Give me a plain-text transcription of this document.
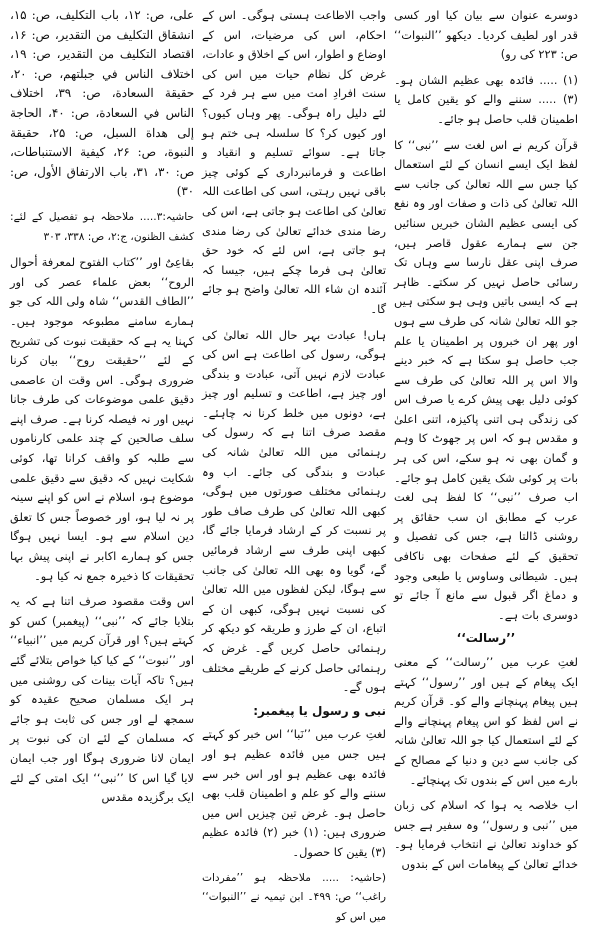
علی، ص: ۱۲، باب التكليف، ص: ۱۵، انشقاق التكليف من التقدير، ص: ۱۶، اقتصاد التكليف من التقدير، ص: ۱۹، اختلاف الناس في جبلتهم، ص: ۲۰، حقيقة السعادة، ص: ۳۹، اختلاف الناس في السعادة، ص: ۴۰، الحاجة إلى هداة السبل، ص: ۲۵، حقيقة النبوة، ص: ۲۶، كيفية الاستنباطات، ص: ۳۰، ۳۱، باب الارتفاق الأول، ص: ۳۰)

حاشیہ:۳..... ملاحظہ ہو تفصیل کے لئے: کشف الظنون، ج:۲، ص: ۳۳۸، ۳۰۳

بقاعِیٌ اور ’’كتاب الفتوح لمعرفة أحوال الروح‘‘ بعض علماء عصر کی اور ’’الطاف القدس‘‘ شاہ ولی اللہ کی جو ہمارے سامنے مطبوعہ موجود ہیں۔ کہنا یہ ہے کہ حقیقت نبوت کی تشریح کے لئے ’’حقیقت روح‘‘ بیان کرنا ضروری ہوگی۔ اس وقت ان عاصمی دقیق علمی موضوعات کی طرف جانا نہیں اور نہ فیصلہ کرنا ہے۔ صرف اپنے سلف صالحین کے چند علمی کارناموں سے طلبہ کو واقف کرانا تھا، کوئی شکایت نہیں کہ دقیق سے دقیق علمی موضوع ہو، اسلام نے اس کو اپنے سینہ پر نہ لیا ہو، اور خصوصاً جس کا تعلق دین اسلام سے ہو۔ ایسا نہیں ہوگا جس کو ہمارے اکابر نے اپنی پیش بہا تحقیقات کا ذخیرہ جمع نہ کیا ہو۔

اس وقت مقصود صرف اتنا ہے کہ یہ بتلایا جائے کہ ’’نبی‘‘ (پیغمبر) کس کو کہتے ہیں؟ اور قرآن کریم میں ’’انبیاء‘‘ اور ’’نبوت‘‘ کے کیا کیا خواص بتلائے گئے ہیں؟ تاکہ آیات بینات کی روشنی میں ہر ایک مسلمان صحیح عقیدہ کو سمجھ لے اور جس کی ثابت ہو جائے کہ مسلمان کے لئے ان کی نبوت پر ایمان لانا ضروری ہوگا اور جب ایمان لایا گیا اس کا ’’نبی‘‘ ایک امتی کے لئے ایک برگزیدہ مقدس

واجب الاطاعت ہستی ہوگی۔ اس کے احکام، اس کی مرضیات، اس کے اوضاع و اطوار، اس کے اخلاق و عادات، غرض کل نظام حیات میں اس کی سنت افرادِ امت میں سے ہر فرد کے لئے دلیل راہ ہوگی۔ پھر وہاں کیوں؟ اور کیوں کر؟ کا سلسلہ ہی ختم ہو جاتا ہے۔ سوائے تسلیم و انقیاد و اطاعت و فرمانبرداری کے کوئی چیز باقی نہیں رہتی، اسی کی اطاعت اللہ تعالیٰ کی اطاعت ہو جاتی ہے، اس کی رضا مندی خدائے تعالیٰ کی رضا مندی ہو جاتی ہے، اس لئے کہ خود حق تعالیٰ ہی فرما چکے ہیں، جیسا کہ آئندہ ان شاء اللہ تعالیٰ واضح ہو جائے گا۔

ہاں! عبادت بہر حال اللہ تعالیٰ کی ہوگی، رسول کی اطاعت ہے اس کی عبادت لازم نہیں آتی، عبادت و بندگی اور چیز ہے، اطاعت و تسلیم اور چیز ہے، دونوں میں خلط کرنا نہ چاہئے۔ مقصد صرف اتنا ہے کہ رسول کی رہنمائی میں اللہ تعالیٰ شانہ کی عبادت و بندگی کی جائے۔ اب وہ رہنمائی مختلف صورتوں میں ہوگی، کبھی اللہ تعالیٰ کی طرف صاف طور پر نسبت کر کے ارشاد فرمایا جائے گا، کبھی اپنی طرف سے ارشاد فرمائیں گے، گویا وہ بھی اللہ تعالیٰ کی جانب سے ہوگا، لیکن لفظوں میں اللہ تعالیٰ کی نسبت نہیں ہوگی، کبھی ان کے اتباع، ان کے طرز و طریقہ کو دیکھ کر رہنمائی حاصل کریں گے۔ غرض کہ رہنمائی حاصل کرنے کے طریقے مختلف ہوں گے۔

نبی و رسول یا پیغمبر:

لغتِ عرب میں ’’نَبا‘‘ اس خبر کو کہتے ہیں جس میں فائدہ عظیم ہو اور فائدہ بھی عظیم ہو اور اس خبر سے سننے والے کو علم و اطمینان قلب بھی حاصل ہو۔ غرض تین چیزیں اس میں ضروری ہیں: (۱) خبر (۲) فائدہ عظیم (۳) یقین کا حصول۔

(حاشیہ: ..... ملاحظہ ہو ’’مفردات راغب‘‘ ص: ۴۹۹۔ ابن تیمیہ نے ’’النبوات‘‘ میں اس کو

دوسرے عنوان سے بیان کیا اور کسی قدر اور لطیف کردیا۔ دیکھو ’’النبوات‘‘ ص: ۲۲۳ کی رو)

(۱) ..... فائدہ بھی عظیم الشان ہو۔ (۳) ..... سننے والے کو یقین کامل یا اطمینان قلب حاصل ہو جائے۔

قرآن کریم نے اس لغت سے ’’نبی‘‘ کا لفظ ایک ایسے انسان کے لئے استعمال کیا جس سے اللہ تعالیٰ کی جانب سے اللہ تعالیٰ کی ذات و صفات اور وہ نفع کی ایسی عظیم الشان خبریں سنائیں جن سے ہمارے عقول قاصر ہیں، صرف اپنی عقل نارسا سے وہاں تک رسائی حاصل نہیں کر سکتے۔ ظاہر ہے کہ ایسی باتیں وہی ہو سکتی ہیں جو اللہ تعالیٰ شانہ کی طرف سے ہوں اور پھر ان خبروں پر اطمینان یا علم جب حاصل ہو سکتا ہے کہ خبر دینے والا اس پر اللہ تعالیٰ کی طرف سے کوئی دلیل بھی پیش کرے یا صرف اس کی زندگی ہی اتنی پاکیزہ، اتنی اعلیٰ و مقدس ہو کہ اس پر جھوٹ کا وہم و گمان بھی نہ ہو سکے، اس کی ہر بات پر کوئی شک یقین کامل ہو جائے۔ اب صرف ’’نبی‘‘ کا لفظ ہی لغت عرب کے مطابق ان سب حقائق پر روشنی ڈالتا ہے، جس کی تفصیل و تحقیق کے لئے صفحات بھی ناکافی ہیں۔ شیطانی وساوس یا طبعی وجود و دماغ اگر قبول سے مانع آ جائے تو دوسری بات ہے۔

’’رسالت‘‘

لغتِ عرب میں ’’رسالت‘‘ کے معنی ایک پیغام کے ہیں اور ’’رسول‘‘ کہتے ہیں پیغام پہنچانے والے کو۔ قرآن کریم نے اس لفظ کو اس پیغام پہنچانے والے کے لئے استعمال کیا جو اللہ تعالیٰ شانہ کی جانب سے دین و دنیا کے مصالح کے بارے میں اس کے بندوں تک پہنچائے۔

اب خلاصہ یہ ہوا کہ اسلام کی زبان میں ’’نبی و رسول‘‘ وہ سفیر ہے جس کو خداوند تعالیٰ نے انتخاب فرمایا ہو۔ خدائے تعالیٰ کے پیغامات اس کے بندوں
